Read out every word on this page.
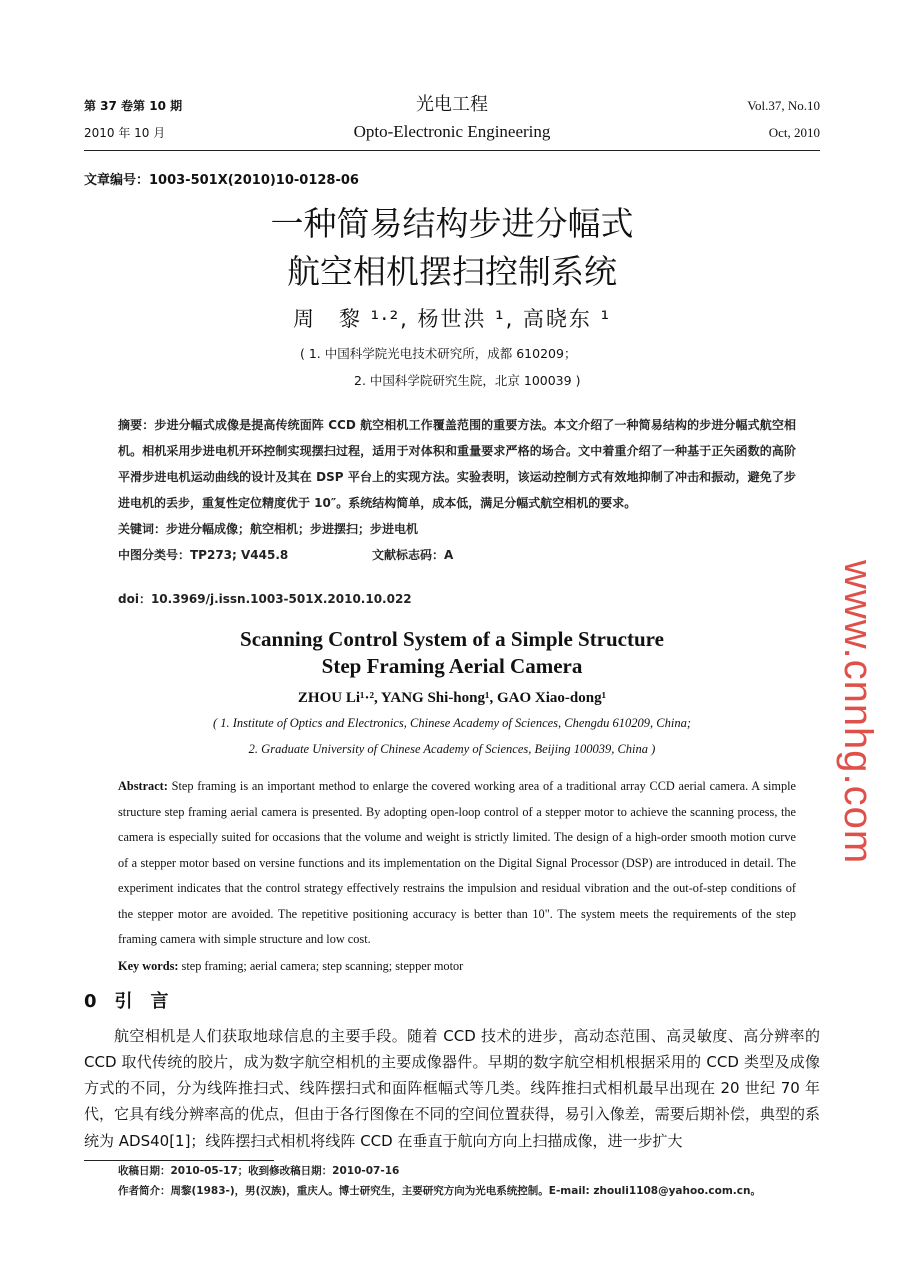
第 37 卷第 10 期	光电工程	Vol.37, No.10
2010 年 10 月	Opto-Electronic Engineering	Oct, 2010
文章编号：1003-501X(2010)10-0128-06
一种简易结构步进分幅式
航空相机摆扫控制系统
周　黎 ¹·², 杨世洪 ¹, 高晓东 ¹
( 1. 中国科学院光电技术研究所，成都 610209；
2. 中国科学院研究生院，北京 100039 )
摘要：步进分幅式成像是提高传统面阵 CCD 航空相机工作覆盖范围的重要方法。本文介绍了一种简易结构的步进分幅式航空相机。相机采用步进电机开环控制实现摆扫过程，适用于对体积和重量要求严格的场合。文中着重介绍了一种基于正矢函数的高阶平滑步进电机运动曲线的设计及其在 DSP 平台上的实现方法。实验表明，该运动控制方式有效地抑制了冲击和振动，避免了步进电机的丢步，重复性定位精度优于 10″。系统结构简单，成本低，满足分幅式航空相机的要求。
关键词：步进分幅成像；航空相机；步进摆扫；步进电机
中图分类号：TP273; V445.8	文献标志码：A
doi：10.3969/j.issn.1003-501X.2010.10.022
Scanning Control System of a Simple Structure
Step Framing Aerial Camera
ZHOU Li¹·², YANG Shi-hong¹, GAO Xiao-dong¹
( 1. Institute of Optics and Electronics, Chinese Academy of Sciences, Chengdu 610209, China;
2. Graduate University of Chinese Academy of Sciences, Beijing 100039, China )
Abstract: Step framing is an important method to enlarge the covered working area of a traditional array CCD aerial camera. A simple structure step framing aerial camera is presented. By adopting open-loop control of a stepper motor to achieve the scanning process, the camera is especially suited for occasions that the volume and weight is strictly limited. The design of a high-order smooth motion curve of a stepper motor based on versine functions and its implementation on the Digital Signal Processor (DSP) are introduced in detail. The experiment indicates that the control strategy effectively restrains the impulsion and residual vibration and the out-of-step conditions of the stepper motor are avoided. The repetitive positioning accuracy is better than 10". The system meets the requirements of the step framing camera with simple structure and low cost.
Key words: step framing; aerial camera; step scanning; stepper motor
0　引　言
航空相机是人们获取地球信息的主要手段。随着 CCD 技术的进步，高动态范围、高灵敏度、高分辨率的 CCD 取代传统的胶片，成为数字航空相机的主要成像器件。早期的数字航空相机根据采用的 CCD 类型及成像方式的不同，分为线阵推扫式、线阵摆扫式和面阵框幅式等几类。线阵推扫式相机最早出现在 20 世纪 70 年代，它具有线分辨率高的优点，但由于各行图像在不同的空间位置获得，易引入像差，需要后期补偿，典型的系统为 ADS40[1]；线阵摆扫式相机将线阵 CCD 在垂直于航向方向上扫描成像，进一步扩大
收稿日期：2010-05-17；收到修改稿日期：2010-07-16
作者简介：周黎(1983-)，男(汉族)，重庆人。博士研究生，主要研究方向为光电系统控制。E-mail: zhouli1108@yahoo.com.cn。
www.cnnhg.com
